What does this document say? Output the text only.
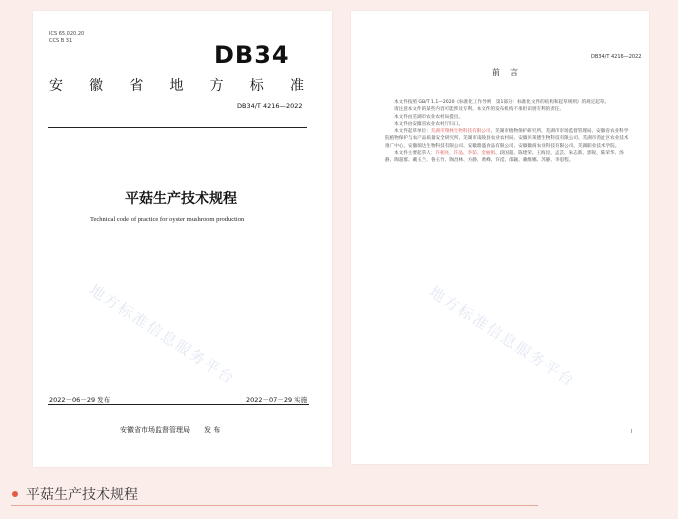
ICS 65.020.20
CCS B 31	DB34
安 徽 省 地 方 标 准
DB34/T 4216—2022
平菇生产技术规程
Technical code of practice for oyster mushroom production
地方标准信息服务平台
2022－06－29 发布	2022－07－29 实施
安徽省市场监督管理局　　发 布
DB34/T 4216—2022
前言

本文件按照 GB/T 1.1—2020《标准化工作导则　第1部分：标准化文件的结构和起草规则》的规定起草。

请注意本文件的某些内容可能涉及专利。本文件的发布机构不承担识别专利的责任。

本文件由芜湖市农业农村局提出。

本文件由安徽省农业农村厅归口。

本文件起草单位：芜湖市翔林生物科技有限公司、芜湖市植物保护研究所、芜湖市市场监督管理局、安徽省农业科学院植物保护与农产品质量安全研究所、芜湖市南陵县农业农村局、安徽贝莱德生物科技有限公司、芜湖市湾沚区农业技术推广中心、安徽瑞达生物科技有限公司、安徽鼎盛食品有限公司、安徽徽商农业科技有限公司、芜湖职业技术学院。

本文件主要起草人：许朝亮、许晶、李茹、金丽娟、段国超、陈建荣、王海昆、孟芸、朱志新、郭锐、陈荣华、汤静、陶超群、戴玉兰、鲁玉竹、陶昌林、方静、黄峰、许滢、邵颖、戴维娜、苏静、李思程。

地方标准信息服务平台
I
平菇生产技术规程
